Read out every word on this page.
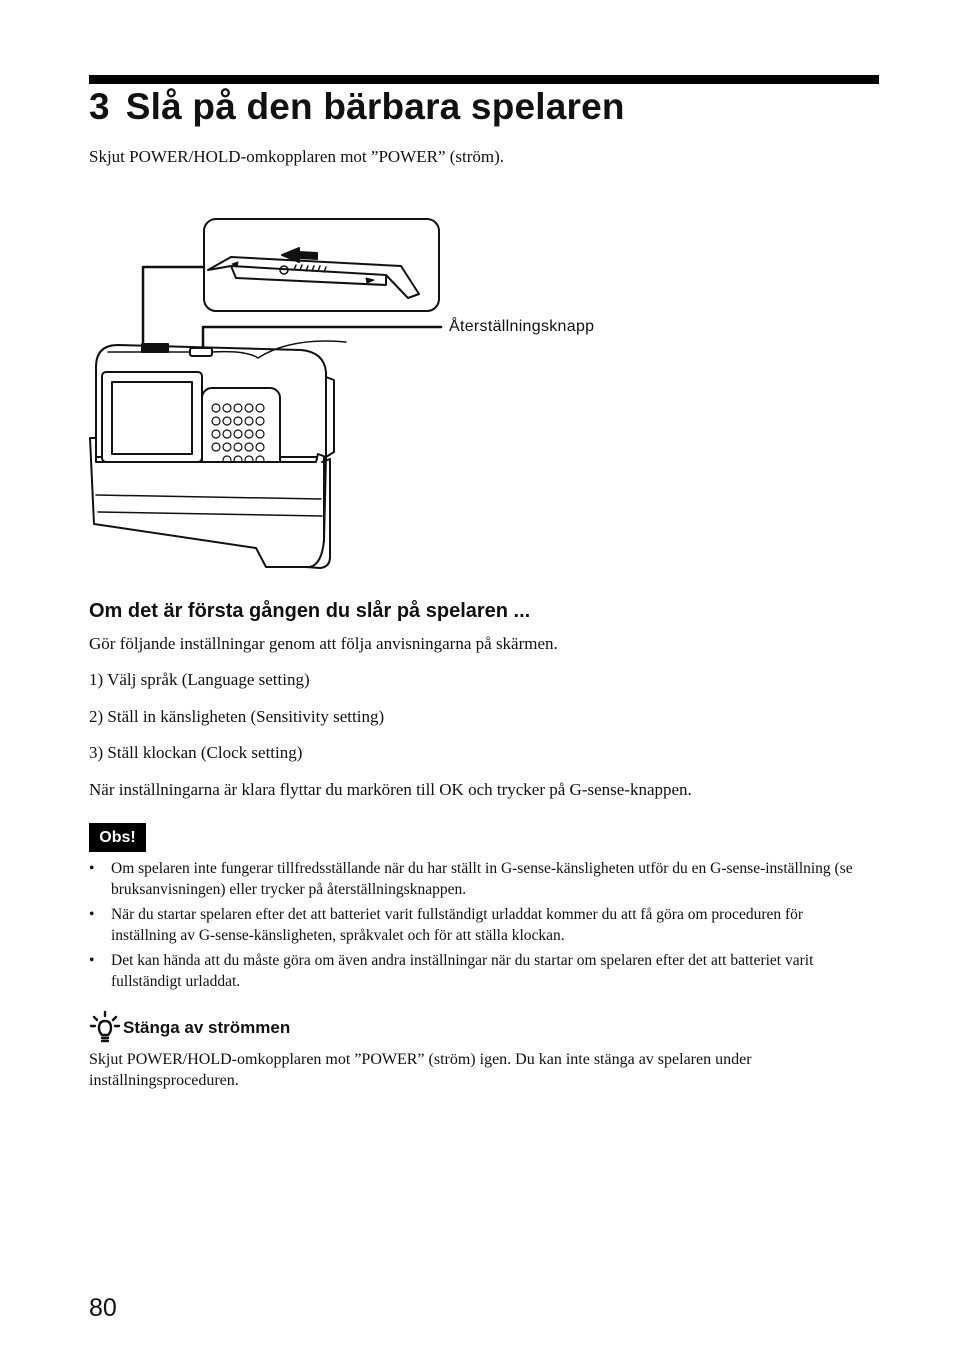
3 Slå på den bärbara spelaren

Skjut POWER/HOLD-omkopplaren mot ”POWER” (ström).

Återställningsknapp
Om det är första gången du slår på spelaren ...

Gör följande inställningar genom att följa anvisningarna på skärmen.

1) Välj språk (Language setting)

2) Ställ in känsligheten (Sensitivity setting)

3) Ställ klockan (Clock setting)

När inställningarna är klara flyttar du markören till OK och trycker på G-sense-knappen.

Obs!
• Om spelaren inte fungerar tillfredsställande när du har ställt in G-sense-känsligheten utför du en G-sense-inställning (se bruksanvisningen) eller trycker på återställningsknappen.
• När du startar spelaren efter det att batteriet varit fullständigt urladdat kommer du att få göra om proceduren för inställning av G-sense-känsligheten, språkvalet och för att ställa klockan.
• Det kan hända att du måste göra om även andra inställningar när du startar om spelaren efter det att batteriet varit fullständigt urladdat.
Stänga av strömmen

Skjut POWER/HOLD-omkopplaren mot ”POWER” (ström) igen. Du kan inte stänga av spelaren under inställningsproceduren.

80
